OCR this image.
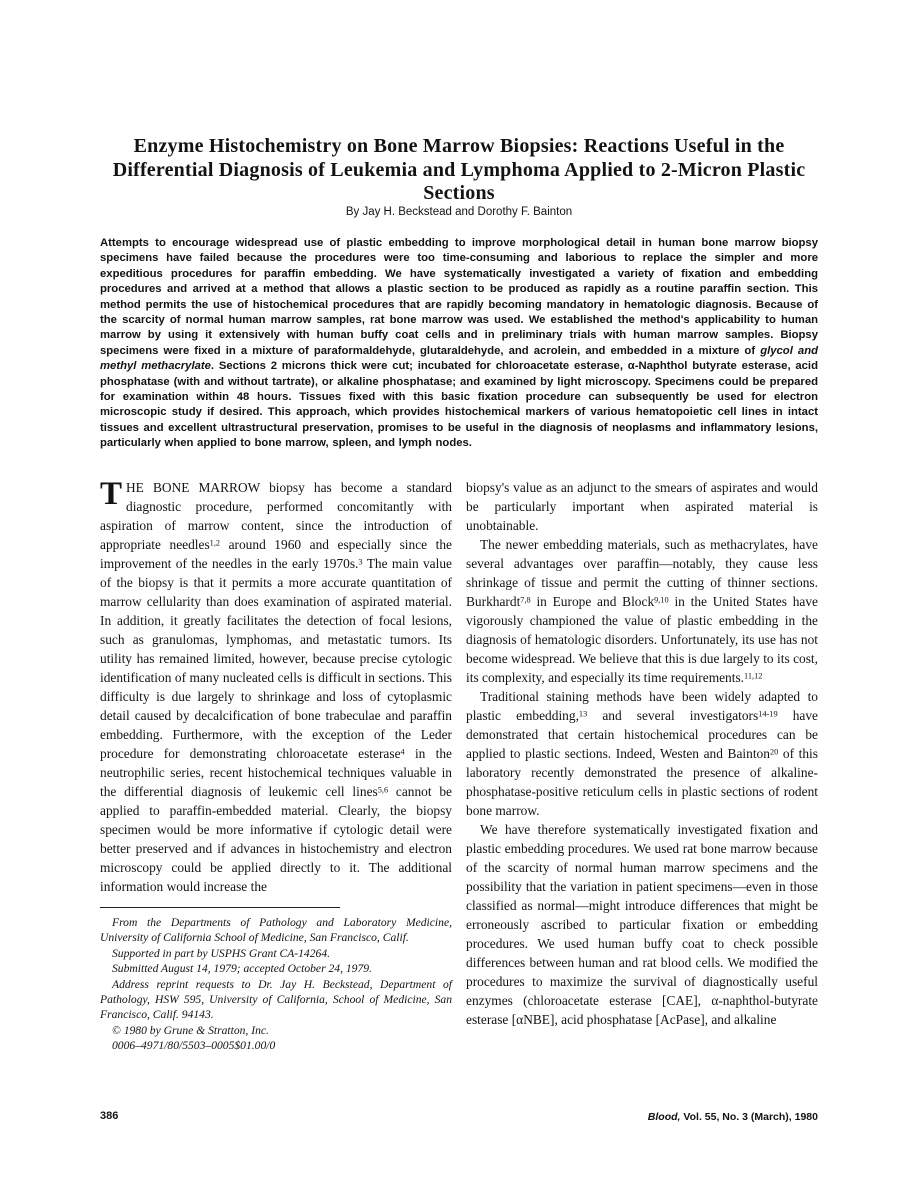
Enzyme Histochemistry on Bone Marrow Biopsies: Reactions Useful in the Differential Diagnosis of Leukemia and Lymphoma Applied to 2-Micron Plastic Sections
By Jay H. Beckstead and Dorothy F. Bainton
Attempts to encourage widespread use of plastic embedding to improve morphological detail in human bone marrow biopsy specimens have failed because the procedures were too time-consuming and laborious to replace the simpler and more expeditious procedures for paraffin embedding. We have systematically investigated a variety of fixation and embedding procedures and arrived at a method that allows a plastic section to be produced as rapidly as a routine paraffin section. This method permits the use of histochemical procedures that are rapidly becoming mandatory in hematologic diagnosis. Because of the scarcity of normal human marrow samples, rat bone marrow was used. We established the method's applicability to human marrow by using it extensively with human buffy coat cells and in preliminary trials with human marrow samples. Biopsy specimens were fixed in a mixture of paraformaldehyde, glutaraldehyde, and acrolein, and embedded in a mixture of glycol and methyl methacrylate. Sections 2 microns thick were cut; incubated for chloroacetate esterase, α-Naphthol butyrate esterase, acid phosphatase (with and without tartrate), or alkaline phosphatase; and examined by light microscopy. Specimens could be prepared for examination within 48 hours. Tissues fixed with this basic fixation procedure can subsequently be used for electron microscopic study if desired. This approach, which provides histochemical markers of various hematopoietic cell lines in intact tissues and excellent ultrastructural preservation, promises to be useful in the diagnosis of neoplasms and inflammatory lesions, particularly when applied to bone marrow, spleen, and lymph nodes.

THE BONE MARROW biopsy has become a standard diagnostic procedure, performed concomitantly with aspiration of marrow content, since the introduction of appropriate needles$^{1,2}$ around 1960 and especially since the improvement of the needles in the early 1970s.$^3$ The main value of the biopsy is that it permits a more accurate quantitation of marrow cellularity than does examination of aspirated material. In addition, it greatly facilitates the detection of focal lesions, such as granulomas, lymphomas, and metastatic tumors. Its utility has remained limited, however, because precise cytologic identification of many nucleated cells is difficult in sections. This difficulty is due largely to shrinkage and loss of cytoplasmic detail caused by decalcification of bone trabeculae and paraffin embedding. Furthermore, with the exception of the Leder procedure for demonstrating chloroacetate esterase$^4$ in the neutrophilic series, recent histochemical techniques valuable in the differential diagnosis of leukemic cell lines$^{5,6}$ cannot be applied to paraffin-embedded material. Clearly, the biopsy specimen would be more informative if cytologic detail were better preserved and if advances in histochemistry and electron microscopy could be applied directly to it. The additional information would increase the

From the Departments of Pathology and Laboratory Medicine, University of California School of Medicine, San Francisco, Calif.

Supported in part by USPHS Grant CA-14264.

Submitted August 14, 1979; accepted October 24, 1979.

Address reprint requests to Dr. Jay H. Beckstead, Department of Pathology, HSW 595, University of California, School of Medicine, San Francisco, Calif. 94143.

© 1980 by Grune & Stratton, Inc.

0006–4971/80/5503–0005$01.00/0

biopsy's value as an adjunct to the smears of aspirates and would be particularly important when aspirated material is unobtainable.

The newer embedding materials, such as methacrylates, have several advantages over paraffin—notably, they cause less shrinkage of tissue and permit the cutting of thinner sections. Burkhardt$^{7,8}$ in Europe and Block$^{9,10}$ in the United States have vigorously championed the value of plastic embedding in the diagnosis of hematologic disorders. Unfortunately, its use has not become widespread. We believe that this is due largely to its cost, its complexity, and especially its time requirements.$^{11,12}$

Traditional staining methods have been widely adapted to plastic embedding,$^{13}$ and several investigators$^{14-19}$ have demonstrated that certain histochemical procedures can be applied to plastic sections. Indeed, Westen and Bainton$^{20}$ of this laboratory recently demonstrated the presence of alkaline-phosphatase-positive reticulum cells in plastic sections of rodent bone marrow.

We have therefore systematically investigated fixation and plastic embedding procedures. We used rat bone marrow because of the scarcity of normal human marrow specimens and the possibility that the variation in patient specimens—even in those classified as normal—might introduce differences that might be erroneously ascribed to particular fixation or embedding procedures. We used human buffy coat to check possible differences between human and rat blood cells. We modified the procedures to maximize the survival of diagnostically useful enzymes (chloroacetate esterase [CAE], α-naphthol-butyrate esterase [αNBE], acid phosphatase [AcPase], and alkaline

386	Blood, Vol. 55, No. 3 (March), 1980
